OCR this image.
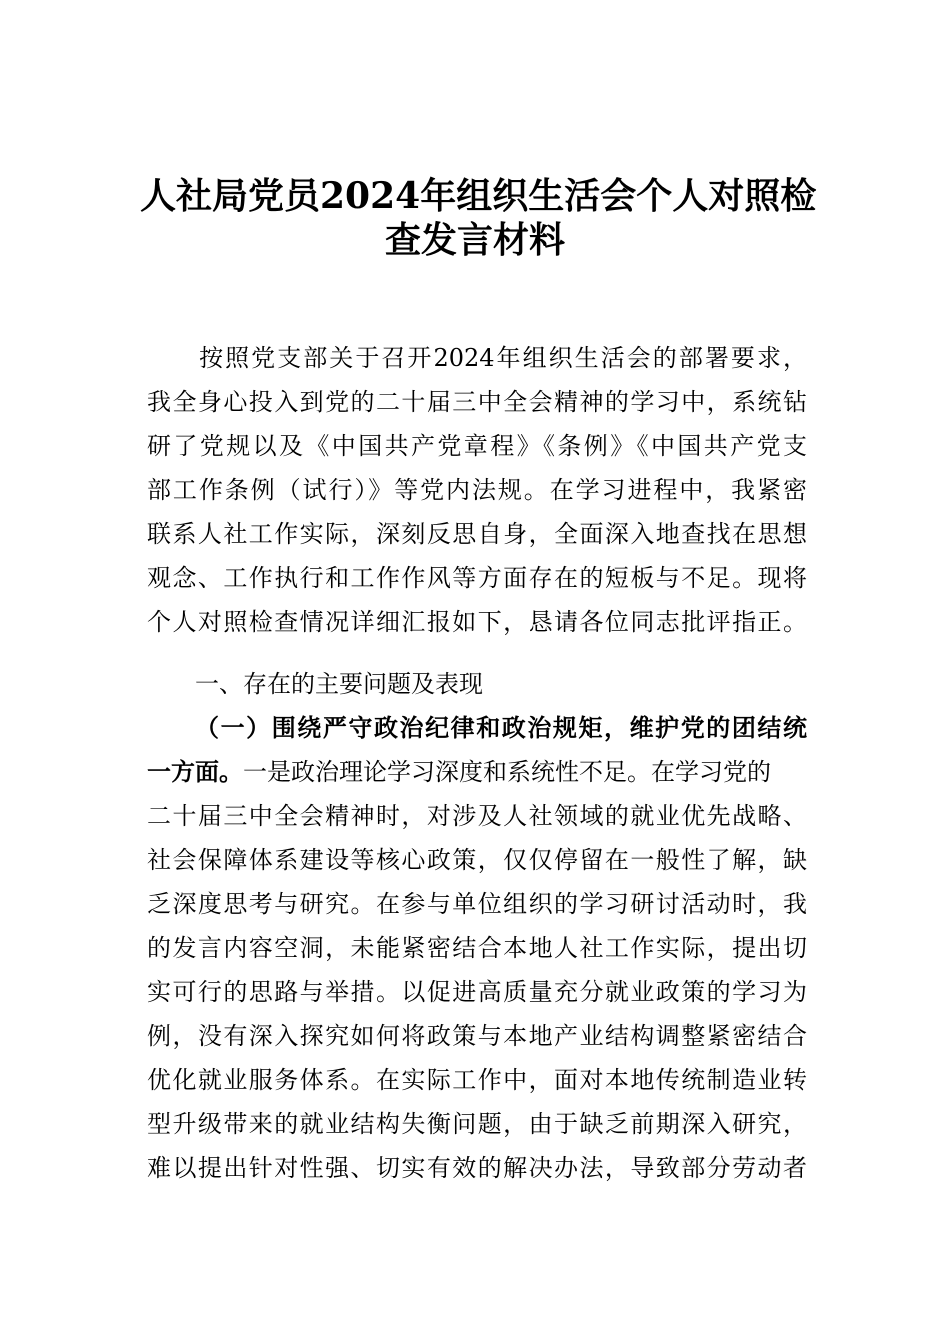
人社局党员2024年组织生活会个人对照检
查发言材料

　　按照党支部关于召开2024年组织生活会的部署要求，

我全身心投入到党的二十届三中全会精神的学习中，系统钻

研了党规以及《中国共产党章程》《条例》《中国共产党支

部工作条例（试行）》等党内法规。在学习进程中，我紧密

联系人社工作实际，深刻反思自身，全面深入地查找在思想

观念、工作执行和工作作风等方面存在的短板与不足。现将

个人对照检查情况详细汇报如下，恳请各位同志批评指正。

一、存在的主要问题及表现

（一）围绕严守政治纪律和政治规矩，维护党的团结统

一方面。一是政治理论学习深度和系统性不足。在学习党的

二十届三中全会精神时，对涉及人社领域的就业优先战略、

社会保障体系建设等核心政策，仅仅停留在一般性了解，缺

乏深度思考与研究。在参与单位组织的学习研讨活动时，我

的发言内容空洞，未能紧密结合本地人社工作实际，提出切

实可行的思路与举措。以促进高质量充分就业政策的学习为

例，没有深入探究如何将政策与本地产业结构调整紧密结合

优化就业服务体系。在实际工作中，面对本地传统制造业转

型升级带来的就业结构失衡问题，由于缺乏前期深入研究，

难以提出针对性强、切实有效的解决办法，导致部分劳动者
